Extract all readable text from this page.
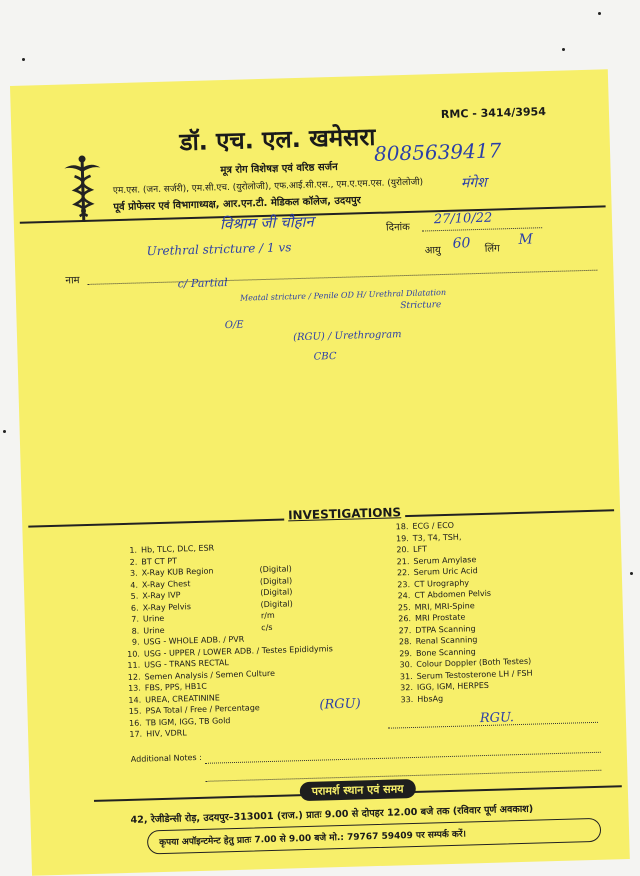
RMC - 3414/3954
डॉ. एच. एल. खमेसरा
मूत्र रोग विशेषज्ञ एवं वरिष्ठ सर्जन
8085639417
एम.एस. (जन. सर्जरी), एम.सी.एच. (युरोलोजी), एफ.आई.सी.एस., एम.ए.एम.एस. (युरोलोजी)
पूर्व प्रोफेसर एवं विभागाध्यक्ष, आर.एन.टी. मेडिकल कॉलेज, उदयपुर
मंगेश
विश्राम जी चौहान	दिनांक
27/10/22
Urethral stricture / 1 vs	आयु 60 लिंग
M
नाम	c/ Partial
Meatal stricture / Penile OD H/ Urethral Dilatation
Stricture
O/E
(RGU) / Urethrogram
CBC
INVESTIGATIONS
1. Hb, TLC, DLC, ESR
2. BT CT PT
3. X-Ray KUB Region	(Digital)
4. X-Ray Chest	(Digital)
5. X-Ray IVP	(Digital)
6. X-Ray Pelvis	(Digital)
7. Urine	r/m
8. Urine	c/s
9. USG - WHOLE ADB. / PVR
10. USG - UPPER / LOWER ADB. / Testes Epididymis
11. USG - TRANS RECTAL
12. Semen Analysis / Semen Culture
13. FBS, PPS, HB1C
14. UREA, CREATININE
15. PSA Total / Free / Percentage
16. TB IGM, IGG, TB Gold
17. HIV, VDRL
18. ECG / ECO
19. T3, T4, TSH,
20. LFT
21. Serum Amylase
22. Serum Uric Acid
23. CT Urography
24. CT Abdomen Pelvis
25. MRI, MRI-Spine
26. MRI Prostate
27. DTPA Scanning
28. Renal Scanning
29. Bone Scanning
30. Colour Doppler (Both Testes)
31. Serum Testosterone LH / FSH
32. IGG, IGM, HERPES
33. HbsAg
(RGU)
RGU.
Additional Notes :
परामर्श स्थान एवं समय
42, रेजीडेन्सी रोड़, उदयपुर–313001 (राज.) प्रातः 9.00 से दोपहर 12.00 बजे तक (रविवार पूर्ण अवकाश)
कृपया अपॉइन्टमेन्ट हेतु प्रातः 7.00 से 9.00 बजे मो.: 79767 59409 पर सम्पर्क करें।
